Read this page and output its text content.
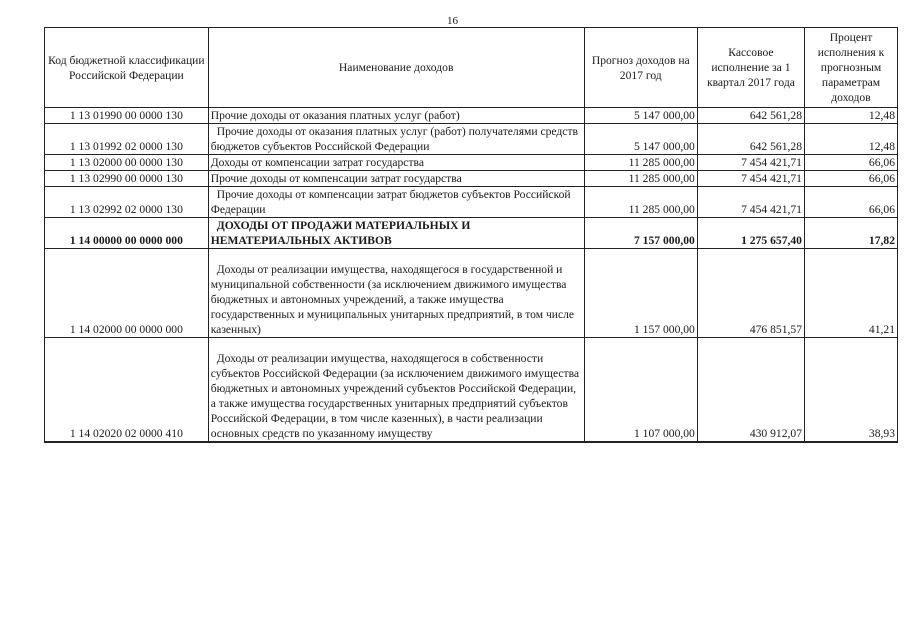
16
Код бюджетной классификации Российской Федерации	Наименование доходов	Прогноз доходов на 2017 год	Кассовое исполнение за 1 квартал 2017 года	Процент исполнения к прогнозным параметрам доходов
1 13 01990 00 0000 130	Прочие доходы от оказания платных услуг (работ)	5 147 000,00	642 561,28	12,48
1 13 01992 02 0000 130	Прочие доходы от оказания платных услуг (работ) получателями средств бюджетов субъектов Российской Федерации	5 147 000,00	642 561,28	12,48
1 13 02000 00 0000 130	Доходы от компенсации затрат государства	11 285 000,00	7 454 421,71	66,06
1 13 02990 00 0000 130	Прочие доходы от компенсации затрат государства	11 285 000,00	7 454 421,71	66,06
1 13 02992 02 0000 130	Прочие доходы от компенсации затрат бюджетов субъектов Российской Федерации	11 285 000,00	7 454 421,71	66,06
1 14 00000 00 0000 000	ДОХОДЫ ОТ ПРОДАЖИ МАТЕРИАЛЬНЫХ И НЕМАТЕРИАЛЬНЫХ АКТИВОВ	7 157 000,00	1 275 657,40	17,82
1 14 02000 00 0000 000	Доходы от реализации имущества, находящегося в государственной и муниципальной собственности (за исключением движимого имущества бюджетных и автономных учреждений, а также имущества государственных и муниципальных унитарных предприятий, в том числе казенных)	1 157 000,00	476 851,57	41,21
1 14 02020 02 0000 410	Доходы от реализации имущества, находящегося в собственности субъектов Российской Федерации (за исключением движимого имущества бюджетных и автономных учреждений субъектов Российской Федерации, а также имущества государственных унитарных предприятий субъектов Российской Федерации, в том числе казенных), в части реализации основных средств по указанному имуществу	1 107 000,00	430 912,07	38,93
